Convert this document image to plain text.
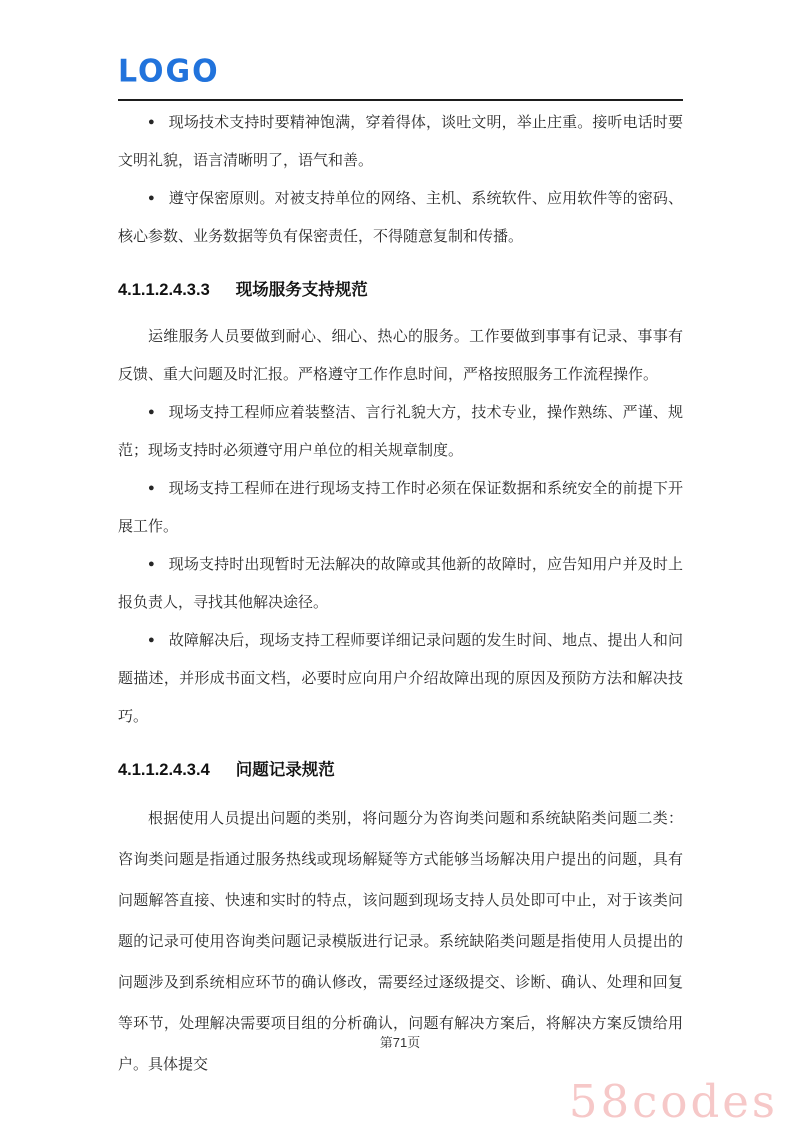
LOGO

● 现场技术支持时要精神饱满，穿着得体，谈吐文明，举止庄重。接听电话时要文明礼貌，语言清晰明了，语气和善。

● 遵守保密原则。对被支持单位的网络、主机、系统软件、应用软件等的密码、核心参数、业务数据等负有保密责任，不得随意复制和传播。

4.1.1.2.4.3.3 现场服务支持规范

运维服务人员要做到耐心、细心、热心的服务。工作要做到事事有记录、事事有反馈、重大问题及时汇报。严格遵守工作作息时间，严格按照服务工作流程操作。

● 现场支持工程师应着装整洁、言行礼貌大方，技术专业，操作熟练、严谨、规范；现场支持时必须遵守用户单位的相关规章制度。

● 现场支持工程师在进行现场支持工作时必须在保证数据和系统安全的前提下开展工作。

● 现场支持时出现暂时无法解决的故障或其他新的故障时，应告知用户并及时上报负责人，寻找其他解决途径。

● 故障解决后，现场支持工程师要详细记录问题的发生时间、地点、提出人和问题描述，并形成书面文档，必要时应向用户介绍故障出现的原因及预防方法和解决技巧。

4.1.1.2.4.3.4 问题记录规范

根据使用人员提出问题的类别，将问题分为咨询类问题和系统缺陷类问题二类：咨询类问题是指通过服务热线或现场解疑等方式能够当场解决用户提出的问题，具有问题解答直接、快速和实时的特点，该问题到现场支持人员处即可中止，对于该类问题的记录可使用咨询类问题记录模版进行记录。系统缺陷类问题是指使用人员提出的问题涉及到系统相应环节的确认修改，需要经过逐级提交、诊断、确认、处理和回复等环节，处理解决需要项目组的分析确认，问题有解决方案后，将解决方案反馈给用户。具体提交

第71页
58codes
